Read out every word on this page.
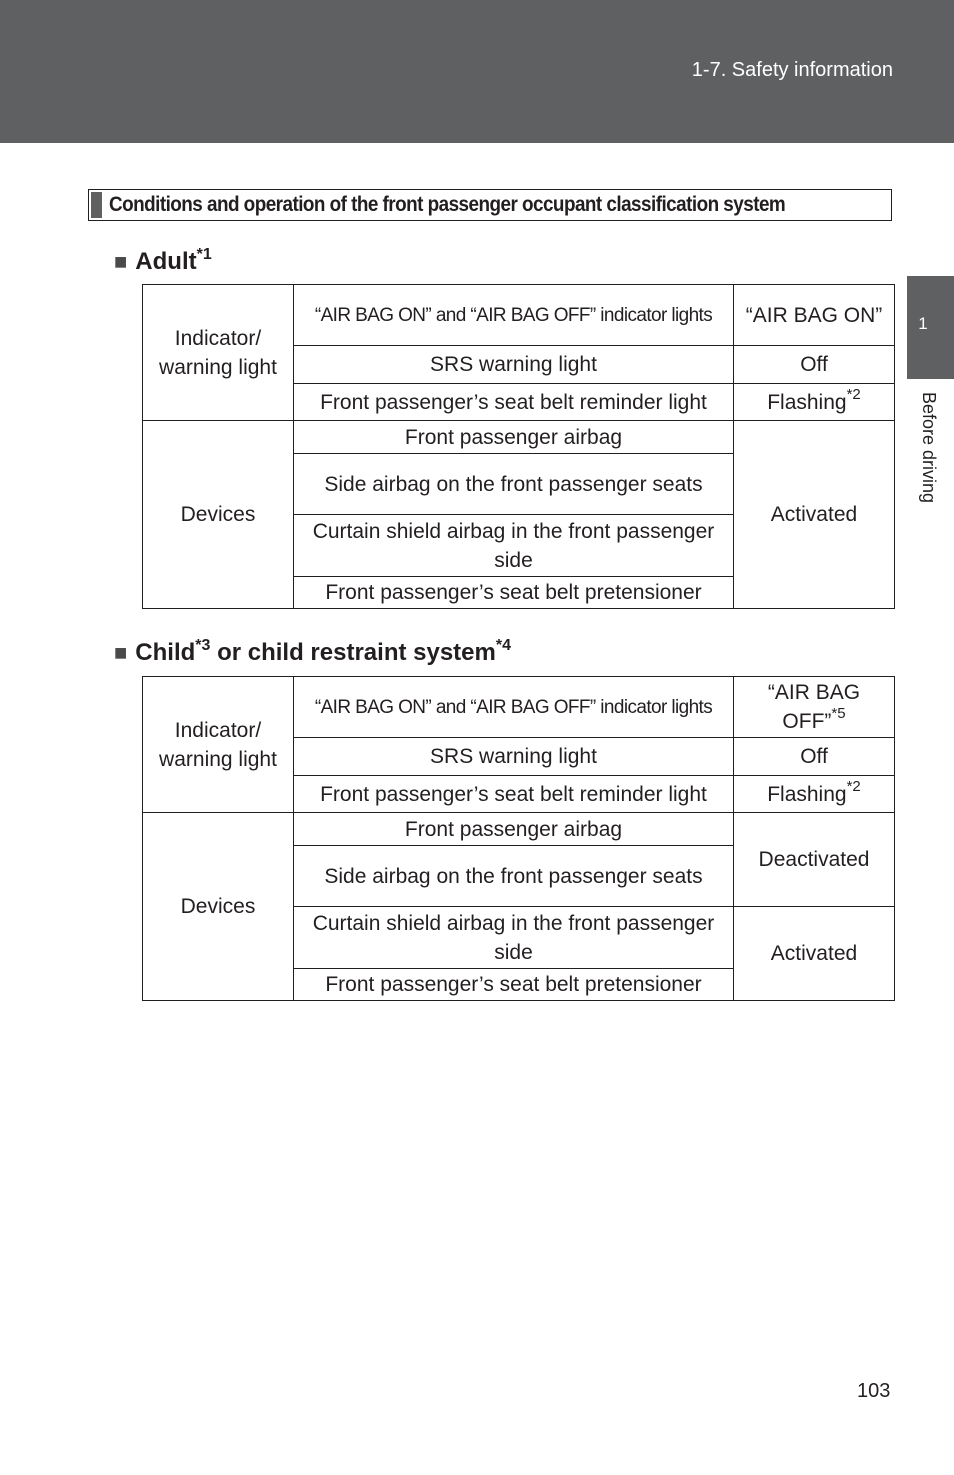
1-7. Safety information
1
Before driving
Conditions and operation of the front passenger occupant classification system
■ Adult$^{*1}$
Indicator/ warning light	“AIR BAG ON” and “AIR BAG OFF” indicator lights	“AIR BAG ON”
	SRS warning light	Off
	Front passenger’s seat belt reminder light	Flashing$^{*2}$
Devices	Front passenger airbag	Activated
	Side airbag on the front passenger seats	
	Curtain shield airbag in the front passenger side	
	Front passenger’s seat belt pretensioner	
■ Child$^{*3}$ or child restraint system$^{*4}$
Indicator/ warning light	“AIR BAG ON” and “AIR BAG OFF” indicator lights	“AIR BAG OFF”$^{*5}$
	SRS warning light	Off
	Front passenger’s seat belt reminder light	Flashing$^{*2}$
Devices	Front passenger airbag	Deactivated
	Side airbag on the front passenger seats	
	Curtain shield airbag in the front passenger side	Activated
	Front passenger’s seat belt pretensioner	
103
